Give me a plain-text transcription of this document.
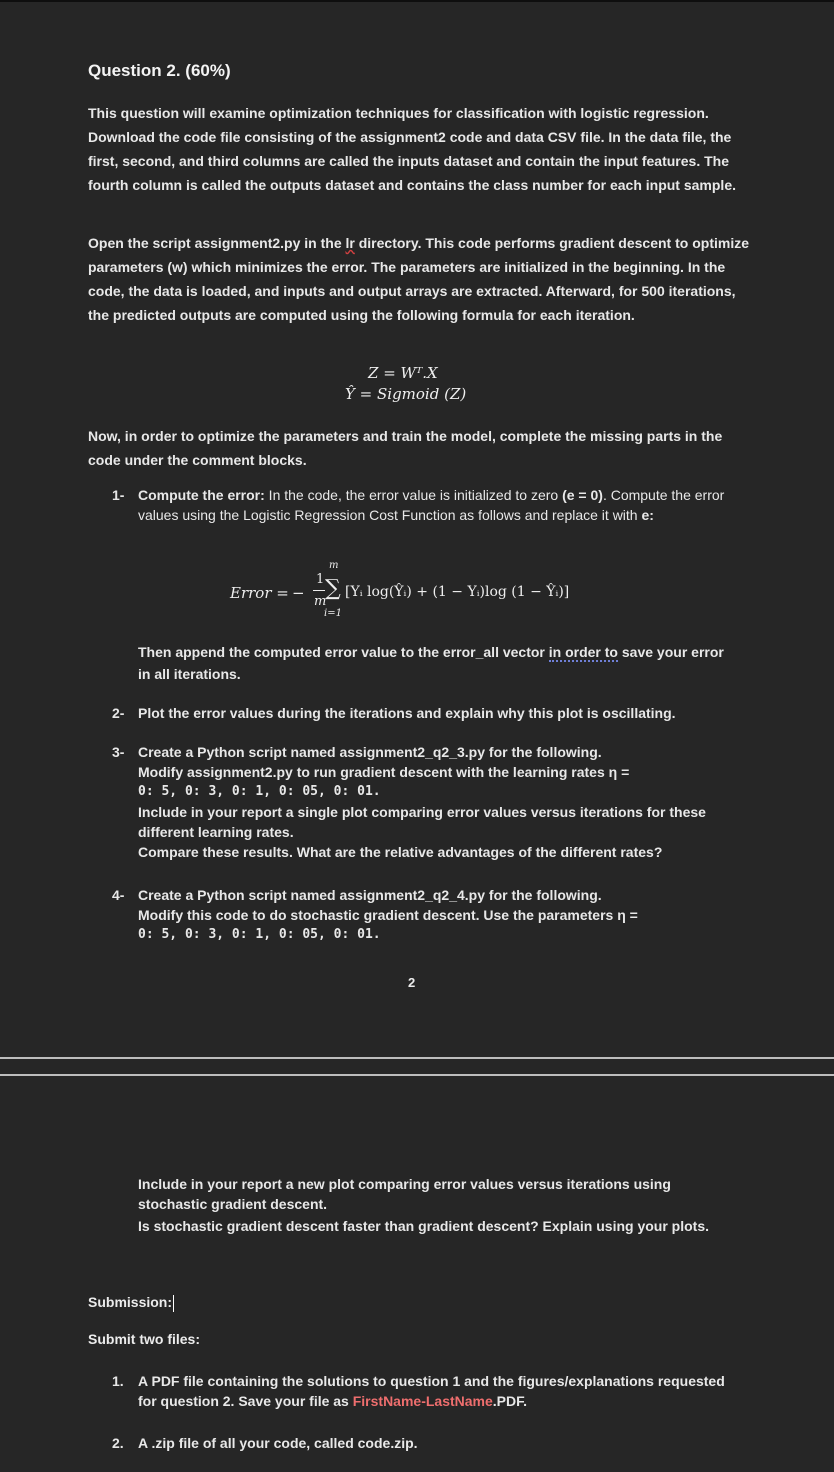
Question 2. (60%)
This question will examine optimization techniques for classification with logistic regression. Download the code file consisting of the assignment2 code and data CSV file. In the data file, the first, second, and third columns are called the inputs dataset and contain the input features. The fourth column is called the outputs dataset and contains the class number for each input sample.
Open the script assignment2.py in the lr directory. This code performs gradient descent to optimize parameters (w) which minimizes the error. The parameters are initialized in the beginning. In the code, the data is loaded, and inputs and output arrays are extracted. Afterward, for 500 iterations, the predicted outputs are computed using the following formula for each iteration.
Z = Wᵀ.X
Ŷ = Sigmoid (Z)
Now, in order to optimize the parameters and train the model, complete the missing parts in the code under the comment blocks.
1- Compute the error: In the code, the error value is initialized to zero (e = 0). Compute the error values using the Logistic Regression Cost Function as follows and replace it with e:
Error = −
1
m
m
∑
i=1
[Yᵢ log(Ŷᵢ) + (1 − Yᵢ)log (1 − Ŷᵢ)]
Then append the computed error value to the error_all vector in order to save your error in all iterations.
2- Plot the error values during the iterations and explain why this plot is oscillating.
3- Create a Python script named assignment2_q2_3.py for the following.
Modify assignment2.py to run gradient descent with the learning rates η =
0: 5, 0: 3, 0: 1, 0: 05, 0: 01.
Include in your report a single plot comparing error values versus iterations for these different learning rates.
Compare these results. What are the relative advantages of the different rates?
4- Create a Python script named assignment2_q2_4.py for the following.
Modify this code to do stochastic gradient descent. Use the parameters η =
0: 5, 0: 3, 0: 1, 0: 05, 0: 01.
2
Include in your report a new plot comparing error values versus iterations using stochastic gradient descent.
Is stochastic gradient descent faster than gradient descent? Explain using your plots.
Submission:
Submit two files:
1. A PDF file containing the solutions to question 1 and the figures/explanations requested for question 2. Save your file as FirstName-LastName.PDF.
2. A .zip file of all your code, called code.zip.
